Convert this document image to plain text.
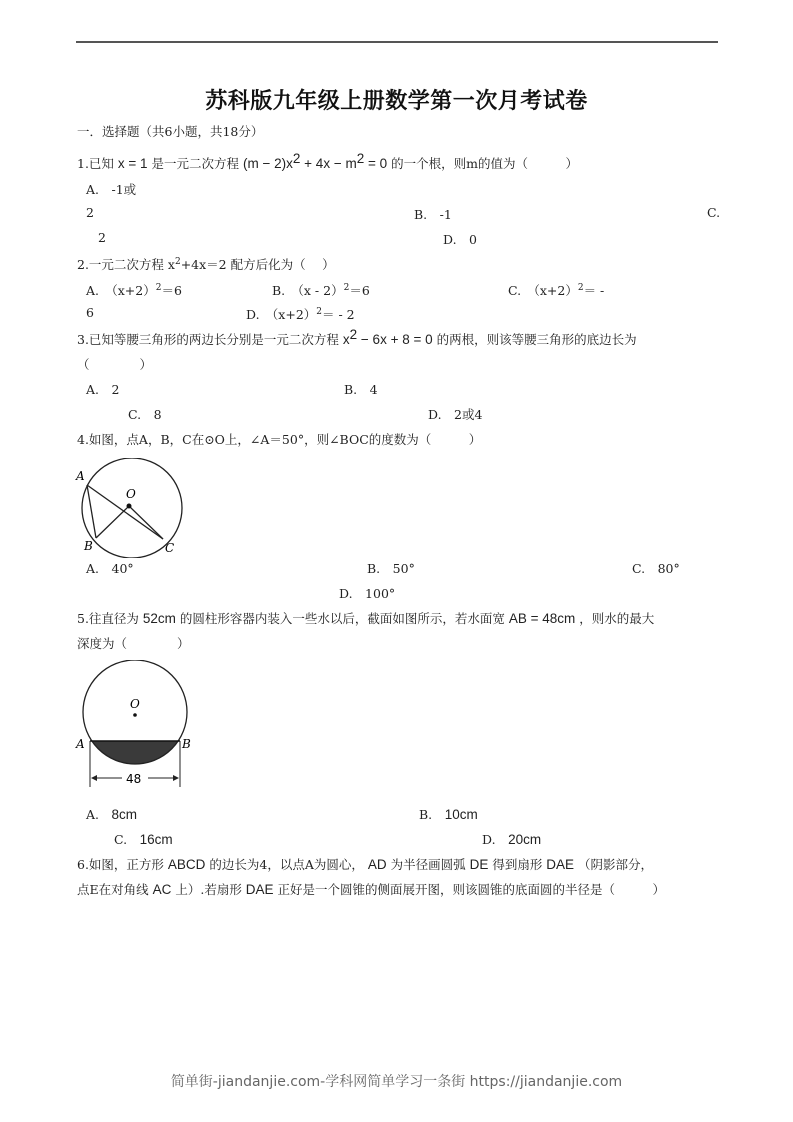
苏科版九年级上册数学第一次月考试卷
一．选择题（共6小题，共18分）
1.已知 x = 1 是一元二次方程 $(m - 2)x^2 + 4x - m^2 = 0$ 的一个根，则m的值为（　　　）
A.　-1或
2	B.　-1	C.
2	D.　0
2.一元二次方程 $x^2+4x=2$ 配方后化为（　 ）
A.　$(x+2)^2=6$	B.　（x - 2）$^2$＝6	C.　$(x+2)^2=$ -
6	D.　$(x+2)^2= - 2$
3.已知等腰三角形的两边长分别是一元二次方程 $x^2 - 6x + 8 = 0$ 的两根，则该等腰三角形的底边长为
（　　　　）
A.　2	B.　4
C.　8	D.　2或4
4.如图，点A，B，C在⊙O上，∠A＝50°，则∠BOC的度数为（　　　）
A
O
B	C
A.　40°	B.　50°	C.　80°
D.　100°
5.往直径为 52cm 的圆柱形容器内装入一些水以后，截面如图所示，若水面宽 AB = 48cm ，则水的最大
深度为（　　　　）
48
O
A	B
A.　 8cm	B.　 10cm
C.　 16cm	D.　 20cm
6.如图，正方形 ABCD 的边长为4，以点A为圆心， AD 为半径画圆弧 DE 得到扇形 DAE （阴影部分，
点E在对角线 AC 上）.若扇形 DAE 正好是一个圆锥的侧面展开图，则该圆锥的底面圆的半径是（　　　）
简单街-jiandanjie.com-学科网简单学习一条街 https://jiandanjie.com
